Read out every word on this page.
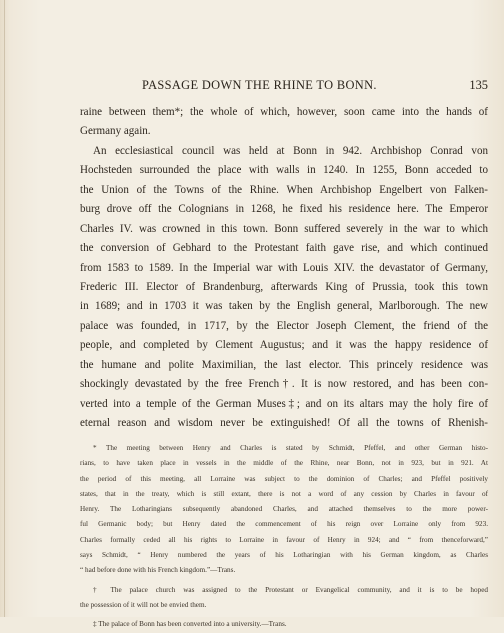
PASSAGE DOWN THE RHINE TO BONN.	135
raine between them*; the whole of which, however, soon came into the hands of
Germany again.
An ecclesiastical council was held at Bonn in 942. Archbishop Conrad von
Hochsteden surrounded the place with walls in 1240. In 1255, Bonn acceded to
the Union of the Towns of the Rhine. When Archbishop Engelbert von Falken-
burg drove off the Colognians in 1268, he fixed his residence here. The Emperor
Charles IV. was crowned in this town. Bonn suffered severely in the war to which
the conversion of Gebhard to the Protestant faith gave rise, and which continued
from 1583 to 1589. In the Imperial war with Louis XIV. the devastator of Germany,
Frederic III. Elector of Brandenburg, afterwards King of Prussia, took this town
in 1689; and in 1703 it was taken by the English general, Marlborough. The new
palace was founded, in 1717, by the Elector Joseph Clement, the friend of the
people, and completed by Clement Augustus; and it was the happy residence of
the humane and polite Maximilian, the last elector. This princely residence was
shockingly devastated by the free French†. It is now restored, and has been con-
verted into a temple of the German Muses‡; and on its altars may the holy fire of
eternal reason and wisdom never be extinguished! Of all the towns of Rhenish-
* The meeting between Henry and Charles is stated by Schmidt, Pfeffel, and other German histo-
rians, to have taken place in vessels in the middle of the Rhine, near Bonn, not in 923, but in 921. At
the period of this meeting, all Lorraine was subject to the dominion of Charles; and Pfeffel positively
states, that in the treaty, which is still extant, there is not a word of any cession by Charles in favour of
Henry. The Lotharingians subsequently abandoned Charles, and attached themselves to the more power-
ful Germanic body; but Henry dated the commencement of his reign over Lorraine only from 923.
Charles formally ceded all his rights to Lorraine in favour of Henry in 924; and “ from thenceforward,”
says Schmidt, “ Henry numbered the years of his Lotharingian with his German kingdom, as Charles
“ had before done with his French kingdom.”—Trans.
† The palace church was assigned to the Protestant or Evangelical community, and it is to be hoped
the possession of it will not be envied them.
‡ The palace of Bonn has been converted into a university.—Trans.
